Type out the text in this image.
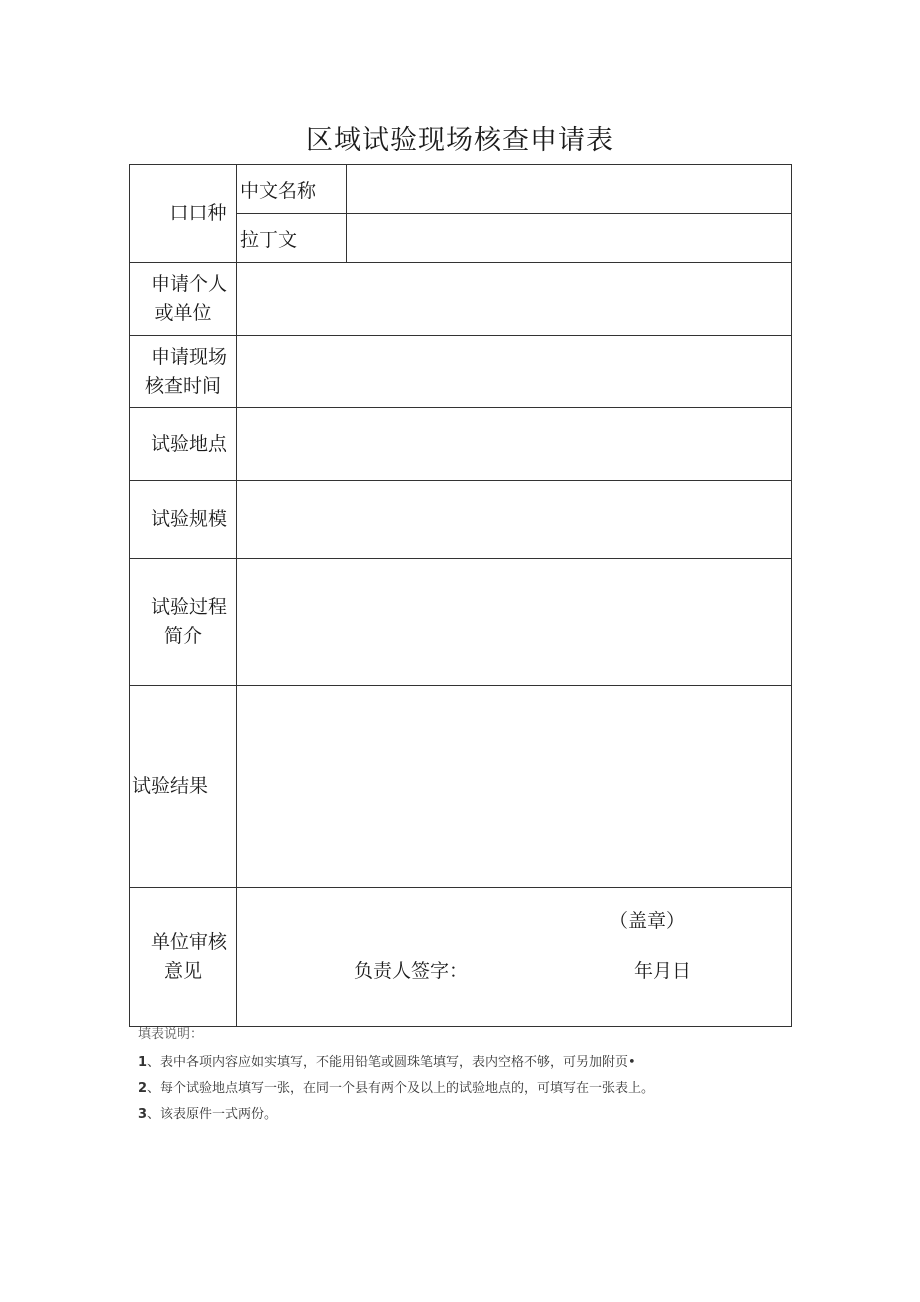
区域试验现场核查申请表
口口种	中文名称	
	拉丁文	

申请个人
或单位		

申请现场
核查时间		

试验地点		

试验规模		

试验过程
简介		

试验结果		

单位审核
意见	（盖章）
负责人签字： 年月日	
填表说明：
1、表中各项内容应如实填写，不能用铅笔或圆珠笔填写，表内空格不够，可另加附页•
2、每个试验地点填写一张，在同一个县有两个及以上的试验地点的，可填写在一张表上。
3、该表原件一式两份。
